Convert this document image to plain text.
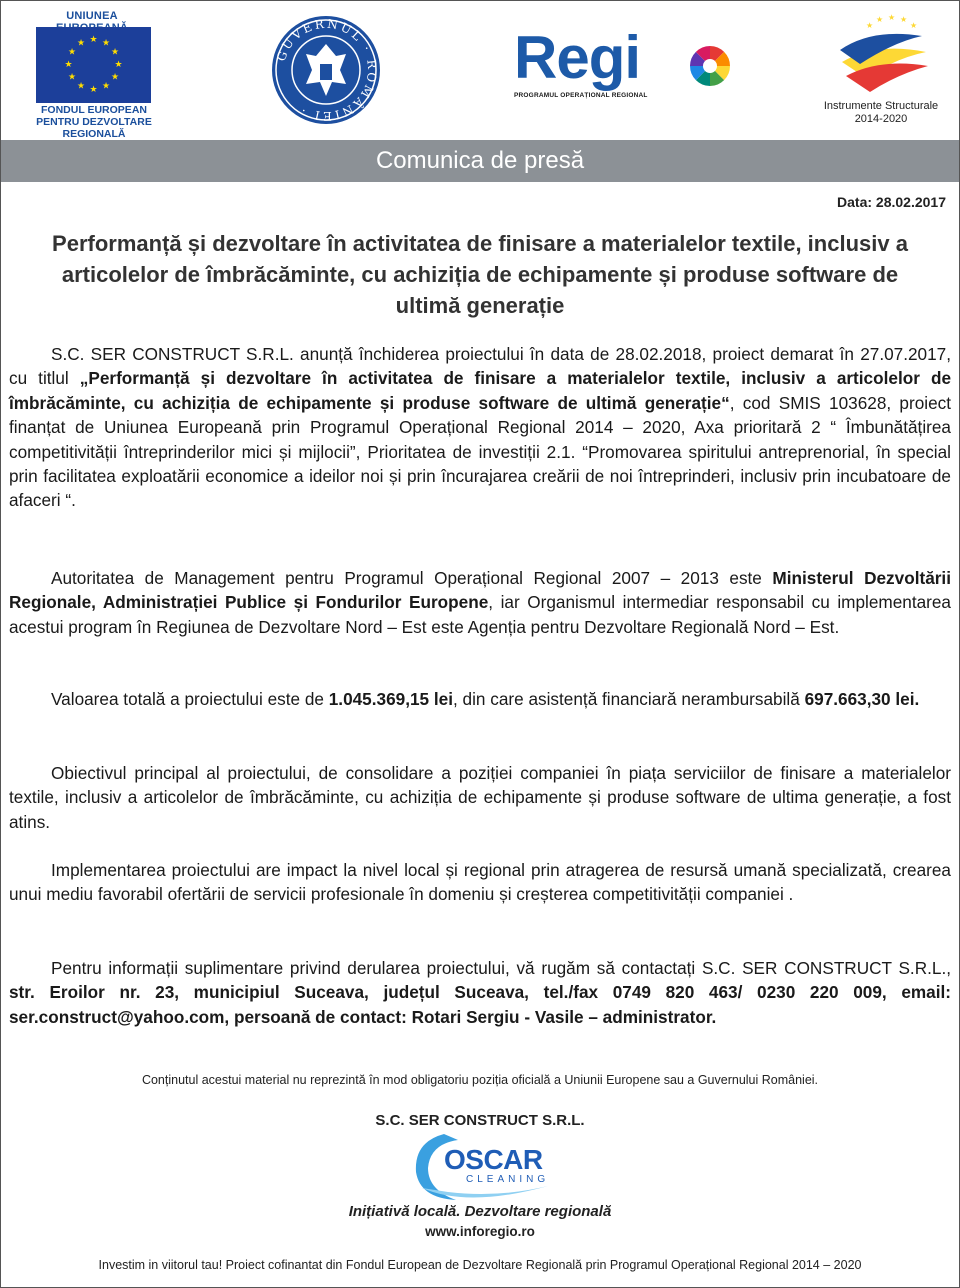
UNIUNEA
★ ★
★
★
★
★
★
★
★
★
★
★
FONDUL EUROPEAN
PENTRU DEZVOLTARE REGIONALĂ
GUVERNUL · ROMÂNIEI ·
Regi
PROGRAMUL OPERAȚIONAL REGIONAL
★ ★ ★
★
★
Instrumente Structurale
2014-2020
Comunica de presă
Data: 28.02.2017
Performanță și dezvoltare în activitatea de finisare a materialelor textile, inclusiv a articolelor de îmbrăcăminte, cu achiziția de echipamente și produse software de ultimă generație

S.C. SER CONSTRUCT S.R.L. anunță închiderea proiectului în data de 28.02.2018, proiect demarat în 27.07.2017, cu titlul „Performanță și dezvoltare în activitatea de finisare a materialelor textile, inclusiv a articolelor de îmbrăcăminte, cu achiziția de echipamente și produse software de ultimă generație“, cod SMIS 103628, proiect finanțat de Uniunea Europeană prin Programul Operațional Regional 2014 – 2020, Axa prioritară 2 “ Îmbunătățirea competitivității întreprinderilor mici și mijlocii”, Prioritatea de investiții 2.1. “Promovarea spiritului antreprenorial, în special prin facilitatea exploatării economice a ideilor noi și prin încurajarea creării de noi întreprinderi, inclusiv prin incubatoare de afaceri “.

Autoritatea de Management pentru Programul Operațional Regional 2007 – 2013 este Ministerul Dezvoltării Regionale, Administrației Publice și Fondurilor Europene, iar Organismul intermediar responsabil cu implementarea acestui program în Regiunea de Dezvoltare Nord – Est este Agenția pentru Dezvoltare Regională Nord – Est.

Valoarea totală a proiectului este de 1.045.369,15 lei, din care asistență financiară nerambursabilă 697.663,30 lei.

Obiectivul principal al proiectului, de consolidare a poziției companiei în piața serviciilor de finisare a materialelor textile, inclusiv a articolelor de îmbrăcăminte, cu achiziția de echipamente și produse software de ultima generație, a fost atins.

Implementarea proiectului are impact la nivel local și regional prin atragerea de resursă umană specializată, crearea unui mediu favorabil ofertării de servicii profesionale în domeniu și creșterea competitivității companiei .

Pentru informații suplimentare privind derularea proiectului, vă rugăm să contactați S.C. SER CONSTRUCT S.R.L., str. Eroilor nr. 23, municipiul Suceava, județul Suceava, tel./fax 0749 820 463/ 0230 220 009, email: ser.construct@yahoo.com, persoană de contact: Rotari Sergiu - Vasile – administrator.

Conținutul acestui material nu reprezintă în mod obligatoriu poziția oficială a Uniunii Europene sau a Guvernului României.
S.C. SER CONSTRUCT S.R.L.
OSCAR
CLEANING
Inițiativă locală. Dezvoltare regională
www.inforegio.ro
Investim in viitorul tau! Proiect cofinantat din Fondul European de Dezvoltare Regională prin Programul Operațional Regional 2014 – 2020
